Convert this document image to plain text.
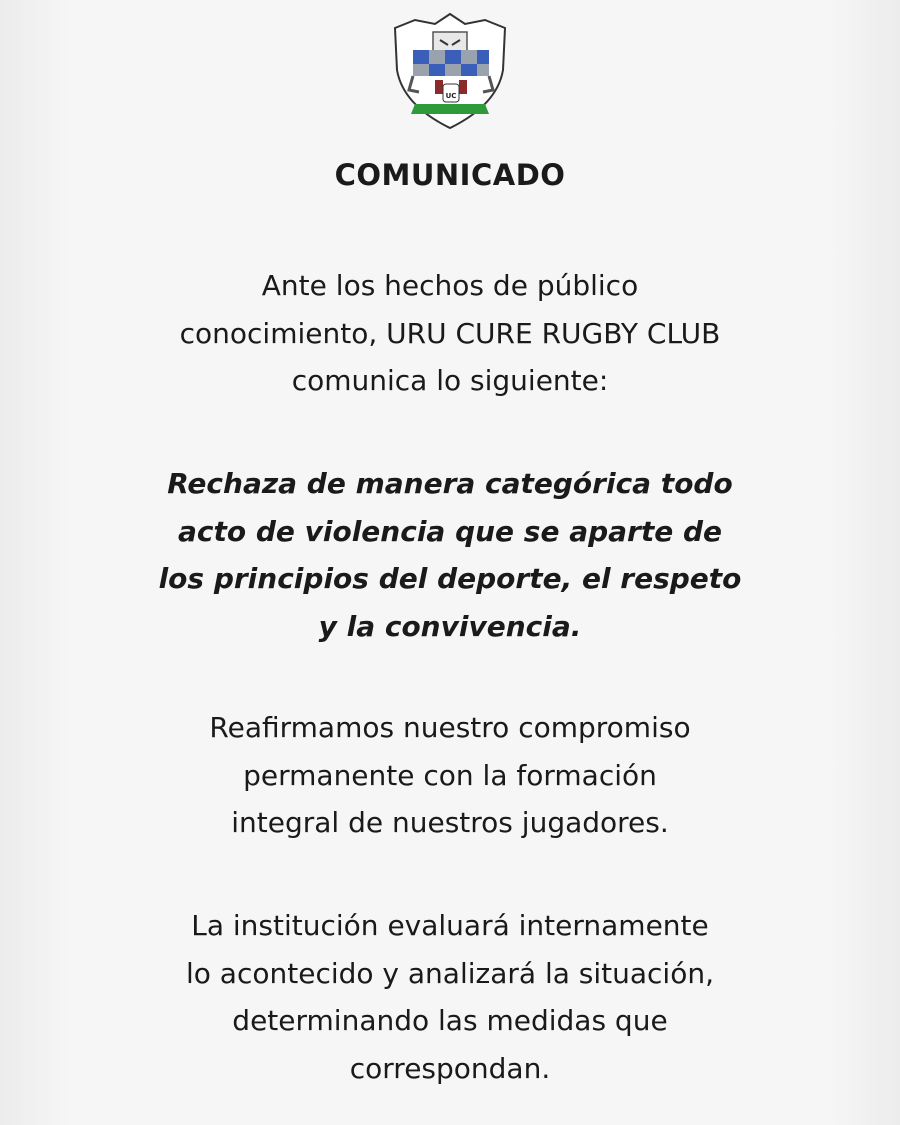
UC
COMUNICADO
Ante los hechos de público
conocimiento, URU CURE RUGBY CLUB
comunica lo siguiente:
Rechaza de manera categórica todo
acto de violencia que se aparte de
los principios del deporte, el respeto
y la convivencia.
Reafirmamos nuestro compromiso
permanente con la formación
integral de nuestros jugadores.
La institución evaluará internamente
lo acontecido y analizará la situación,
determinando las medidas que
correspondan.
